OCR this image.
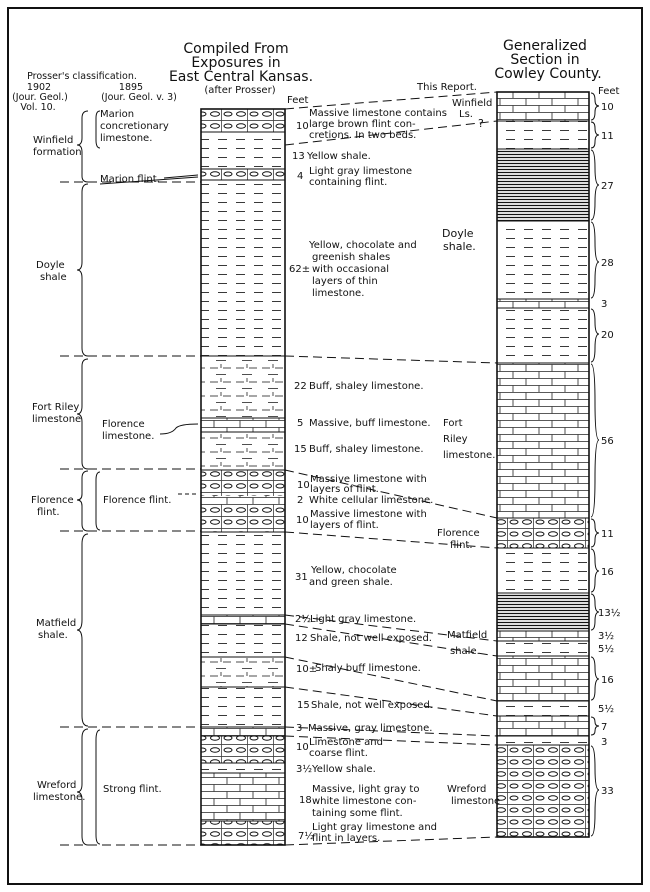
Compiled From
Exposures in
East Central Kansas.
(after Prosser)
Feet
Generalized
Section in
Cowley County.
This Report.	Feet
Prosser's classification.
1902
(Jour. Geol.)
Vol. 10.
1895
(Jour. Geol. v. 3)
10
Massive limestone contains
large brown flint con-
cretions. In two beds.
13 Yellow shale.
4 Light gray limestone
containing flint.
62±
Yellow, chocolate and
greenish shales
with occasional
layers of thin
limestone.
22 Buff, shaley limestone.
5 Massive, buff limestone.
15 Buff, shaley limestone.
10
Massive limestone with
layers of flint.
2 White cellular limestone.
10
Massive limestone with
layers of flint.
31
Yellow, chocolate
and green shale.
2½
Light gray limestone.
12 Shale, not well exposed.
10±
Shaly buff limestone.
15 Shale, not well exposed.
3 Massive, gray limestone.
10 Limestone and
coarse flint.
3½ Yellow shale.
18
Massive, light gray to
white limestone con-
taining some flint.
7½
Light gray limestone and
flint in layers.
Winfield
formation
Doyle
shale
Fort Riley
limestone
Florence
flint.
Matfield
shale.
Wreford
limestone.
Marion
concretionary
limestone.
Marion flint.
Florence
limestone.
Florence flint.
Strong flint.
10
11
27
28
3
20
56
11
16
13½
3½
5½
16
5½
7
3
33
Winfield
Ls.
Doyle
shale.
Fort
Riley
limestone.
Florence
flint.
Matfield
shale.
Wreford
limestone
?
